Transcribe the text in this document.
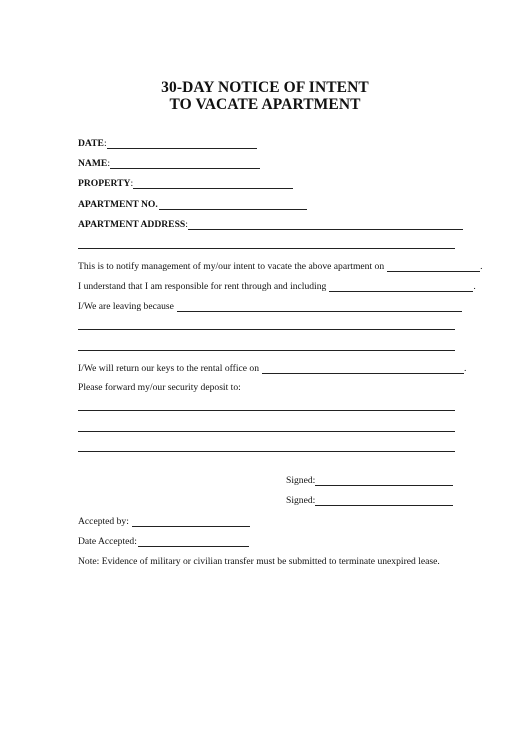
30-DAY NOTICE OF INTENT
TO VACATE APARTMENT
DATE :
NAME :
PROPERTY :
APARTMENT NO.
APARTMENT ADDRESS :
This is to notify management of my/our intent to vacate the above apartment on	.
I understand that I am responsible for rent through and including	.
I/We are leaving because
I/We will return our keys to the rental office on	.
Please forward my/our security deposit to:
Signed:
Signed:
Accepted by:
Date Accepted:
Note: Evidence of military or civilian transfer must be submitted to terminate unexpired lease.
